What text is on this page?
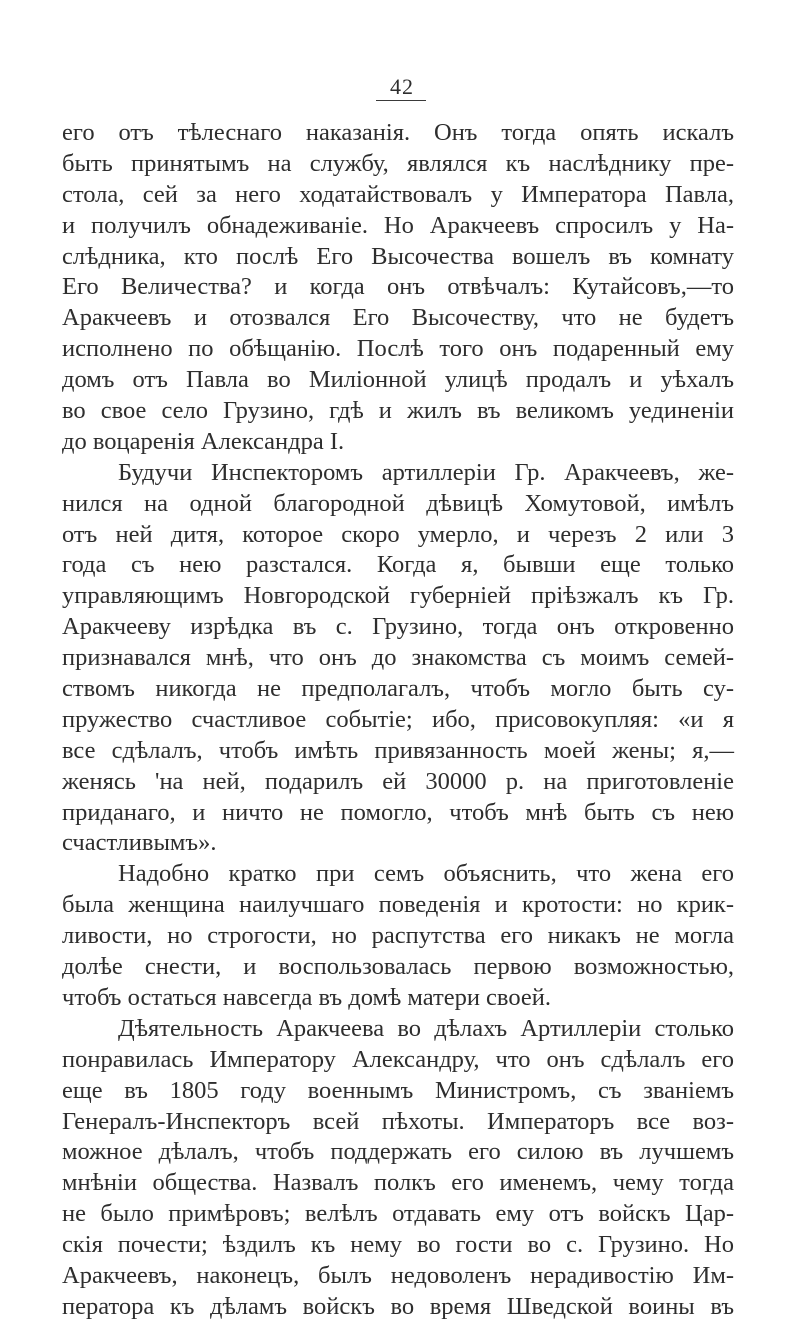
42
его отъ тѣлеснаго наказанія. Онъ тогда опять искалъ
быть принятымъ на службу, являлся къ наслѣднику пре-
стола, сей за него ходатайствовалъ у Императора Павла,
и получилъ обнадеживаніе. Но Аракчеевъ спросилъ у На-
слѣдника, кто послѣ Его Высочества вошелъ въ комнату
Его Величества? и когда онъ отвѣчалъ: Кутайсовъ,—то
Аракчеевъ и отозвался Его Высочеству, что не будетъ
исполнено по обѣщанію. Послѣ того онъ подаренный ему
домъ отъ Павла во Миліонной улицѣ продалъ и уѣхалъ
во свое село Грузино, гдѣ и жилъ въ великомъ уединеніи
до воцаренія Александра I.
Будучи Инспекторомъ артиллеріи Гр. Аракчеевъ, же-
нился на одной благородной дѣвицѣ Хомутовой, имѣлъ
отъ ней дитя, которое скоро умерло, и черезъ 2 или 3
года съ нею разстался. Когда я, бывши еще только
управляющимъ Новгородской губерніей пріѣзжалъ къ Гр.
Аракчееву изрѣдка въ с. Грузино, тогда онъ откровенно
признавался мнѣ, что онъ до знакомства съ моимъ семей-
ствомъ никогда не предполагалъ, чтобъ могло быть су-
пружество счастливое событіе; ибо, присовокупляя: «и я
все сдѣлалъ, чтобъ имѣть привязанность моей жены; я,—
женясь 'на ней, подарилъ ей 30000 р. на приготовленіе
приданаго, и ничто не помогло, чтобъ мнѣ быть съ нею
счастливымъ».
Надобно кратко при семъ объяснить, что жена его
была женщина наилучшаго поведенія и кротости: но крик-
ливости, но строгости, но распутства его никакъ не могла
долѣе снести, и воспользовалась первою возможностью,
чтобъ остаться навсегда въ домѣ матери своей.
Дѣятельность Аракчеева во дѣлахъ Артиллеріи столько
понравилась Императору Александру, что онъ сдѣлалъ его
еще въ 1805 году военнымъ Министромъ, съ званіемъ
Генералъ-Инспекторъ всей пѣхоты. Императоръ все воз-
можное дѣлалъ, чтобъ поддержать его силою въ лучшемъ
мнѣніи общества. Назвалъ полкъ его именемъ, чему тогда
не было примѣровъ; велѣлъ отдавать ему отъ войскъ Цар-
скія почести; ѣздилъ къ нему во гости во с. Грузино. Но
Аракчеевъ, наконецъ, былъ недоволенъ нерадивостію Им-
ператора къ дѣламъ войскъ во время Шведской воины въ
